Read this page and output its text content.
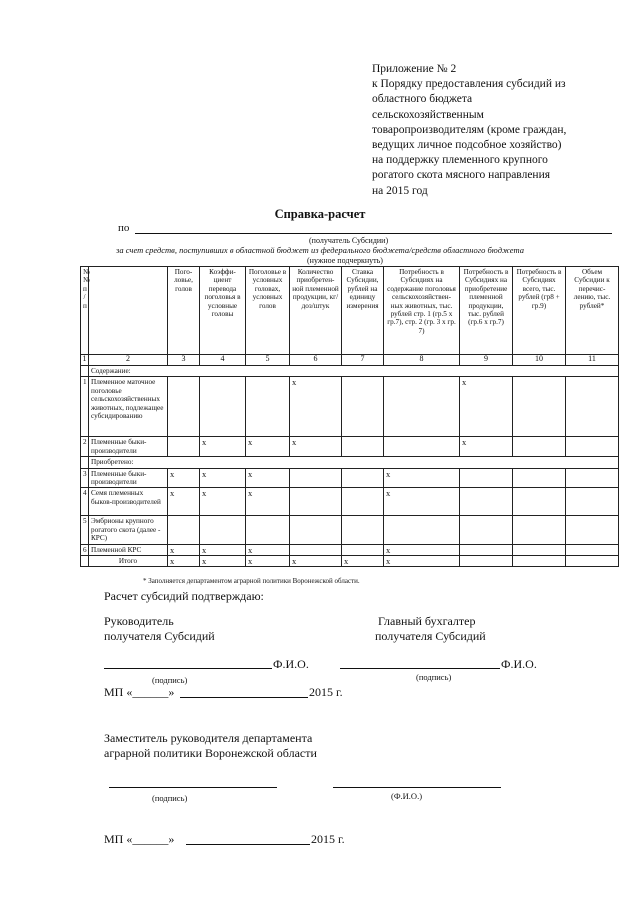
Приложение № 2
к Порядку предоставления субсидий из
областного бюджета
сельскохозяйственным
товаропроизводителям (кроме граждан,
ведущих личное подсобное хозяйство)
на поддержку племенного крупного
рогатого скота мясного направления
на 2015 год
Справка-расчет
по
(получатель Субсидии)
за счет средств, поступивших в областной бюджет из федерального бюджета/средств областного бюджета
(нужное подчеркнуть)
№ № п / п		Пого-ловье, голов	Коэффи-циент перевода поголовья в условные головы	Поголовье в условных головах, условных голов	Количество приобретен-ной племенной продукции, кг/доз/штук	Ставка Субсидии, рублей на единицу измерения	Потребность в Субсидиях на содержание поголовья сельскохозяйствен-ных животных, тыс. рублей стр. 1 (гр.5 х гр.7), стр. 2 (гр. 3 х гр. 7)	Потребность в Субсидиях на приобретение племенной продукции, тыс. рублей (гр.6 х гр.7)	Потребность в Субсидиях всего, тыс. рублей (гр8 + гр.9)	Объем Субсидии к перечис-лению, тыс. рублей*
1	2	3	4	5	6	7	8	9	10	11
	Содержание:									
1	Племенное маточное поголовье сельскохозяйственных животных, подлежащее субсидированию				x			x		
2	Племенные быки-производители		x	x	x			x		
	Приобретено:									
3	Племенные быки-производители	x	x	x			x			
4	Семя племенных быков-производителей	x	x	x			x			
5	Эмбрионы крупного рогатого скота (далее - КРС)									
6	Племенной КРС	x	x	x			x			
	Итого	x	x	x	x	x	x			
* Заполняется департаментом аграрной политики Воронежской области.
Расчет субсидий подтверждаю:
Руководитель
получателя Субсидий
Главный бухгалтер
получателя Субсидий
Ф.И.О.	Ф.И.О.
(подпись)	(подпись)
МП «______»	2015 г.
Заместитель руководителя департамента
аграрной политики Воронежской области
(подпись)	(Ф.И.О.)
МП «______»	2015 г.
